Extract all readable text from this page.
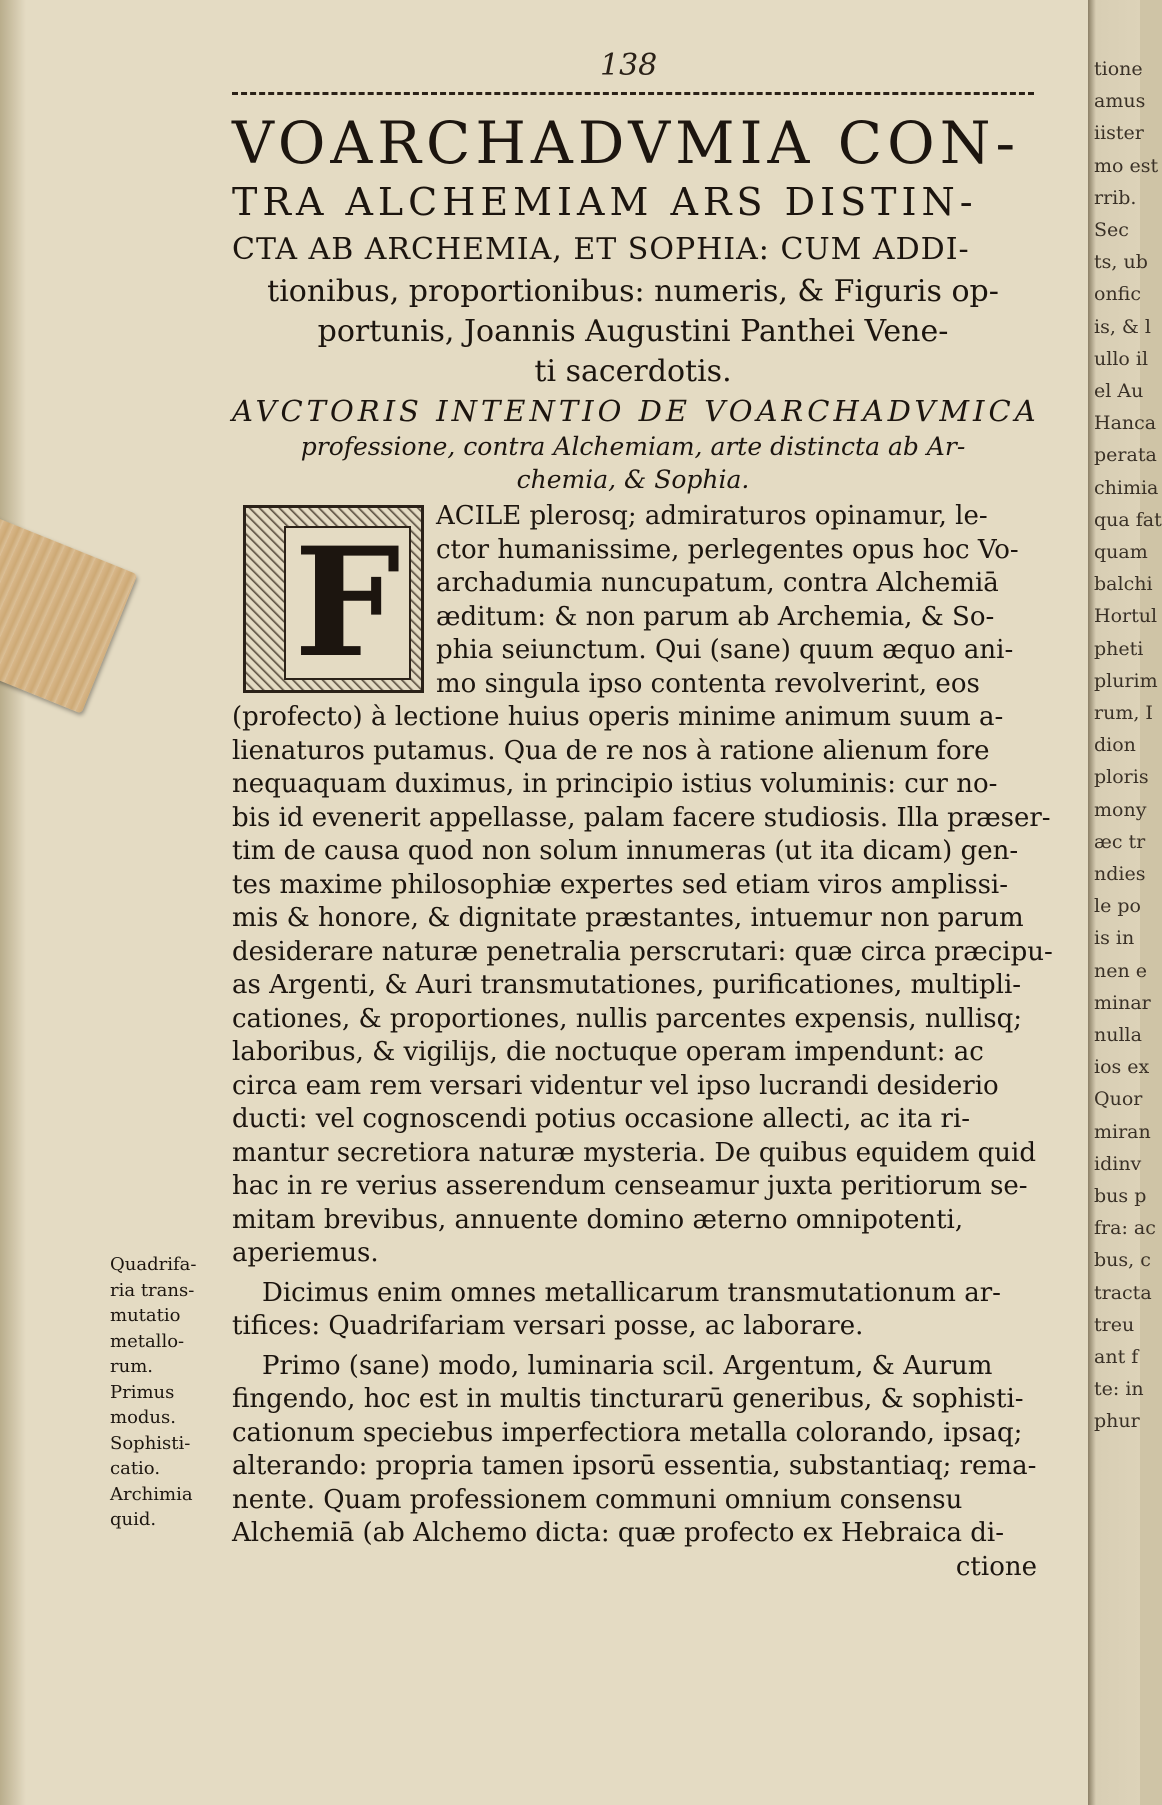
tione
amus
iister
mo est
rrib.
Sec
ts, ub
onfic
is, & l
ullo il
el Au
Hanca
perata
chimia
qua fat
quam
balchi
Hortul
pheti
plurim
rum, I
dion
ploris
mony
æc tr
ndies
le po
is in
nen e
minar
nulla
ios ex
Quor
miran
idinv
bus p
fra: ac
bus, c
tracta
treu
ant f
te: in
phur
138
VOARCHADVMIA CON-
TRA ALCHEMIAM ARS DISTIN-
CTA AB ARCHEMIA, ET SOPHIA: CUM ADDI-
tionibus, proportionibus: numeris, & Figuris op-
portunis, Joannis Augustini Panthei Vene-
ti sacerdotis.
AVCTORIS INTENTIO DE VOARCHADVMICA
professione, contra Alchemiam, arte distincta ab Ar-
chemia, & Sophia.
F	ACILE plerosq; admiraturos opinamur, le-
ctor humanissime, perlegentes opus hoc Vo-
archadumia nuncupatum, contra Alchemiā
æditum: & non parum ab Archemia, & So-
phia seiunctum. Qui (sane) quum æquo ani-
mo singula ipso contenta revolverint, eos
(profecto) à lectione huius operis minime animum suum a-
lienaturos putamus. Qua de re nos à ratione alienum fore
nequaquam duximus, in principio istius voluminis: cur no-
bis id evenerit appellasse, palam facere studiosis. Illa præser-
tim de causa quod non solum innumeras (ut ita dicam) gen-
tes maxime philosophiæ expertes sed etiam viros amplissi-
mis & honore, & dignitate præstantes, intuemur non parum
desiderare naturæ penetralia perscrutari: quæ circa præcipu-
as Argenti, & Auri transmutationes, purificationes, multipli-
cationes, & proportiones, nullis parcentes expensis, nullisq;
laboribus, & vigilijs, die noctuque operam impendunt: ac
circa eam rem versari videntur vel ipso lucrandi desiderio
ducti: vel cognoscendi potius occasione allecti, ac ita ri-
mantur secretiora naturæ mysteria. De quibus equidem quid
hac in re verius asserendum censeamur juxta peritiorum se-
mitam brevibus, annuente domino æterno omnipotenti,
aperiemus.
Dicimus enim omnes metallicarum transmutationum ar-
tifices: Quadrifariam versari posse, ac laborare.
Primo (sane) modo, luminaria scil. Argentum, & Aurum
fingendo, hoc est in multis tincturarū generibus, & sophisti-
cationum speciebus imperfectiora metalla colorando, ipsaq;
alterando: propria tamen ipsorū essentia, substantiaq; rema-
nente. Quam professionem communi omnium consensu
Alchemiā (ab Alchemo dicta: quæ profecto ex Hebraica di-
ctione
Quadrifa-
ria trans-
mutatio
metallo-
rum.
Primus
modus.
Sophisti-
catio.
Archimia
quid.
